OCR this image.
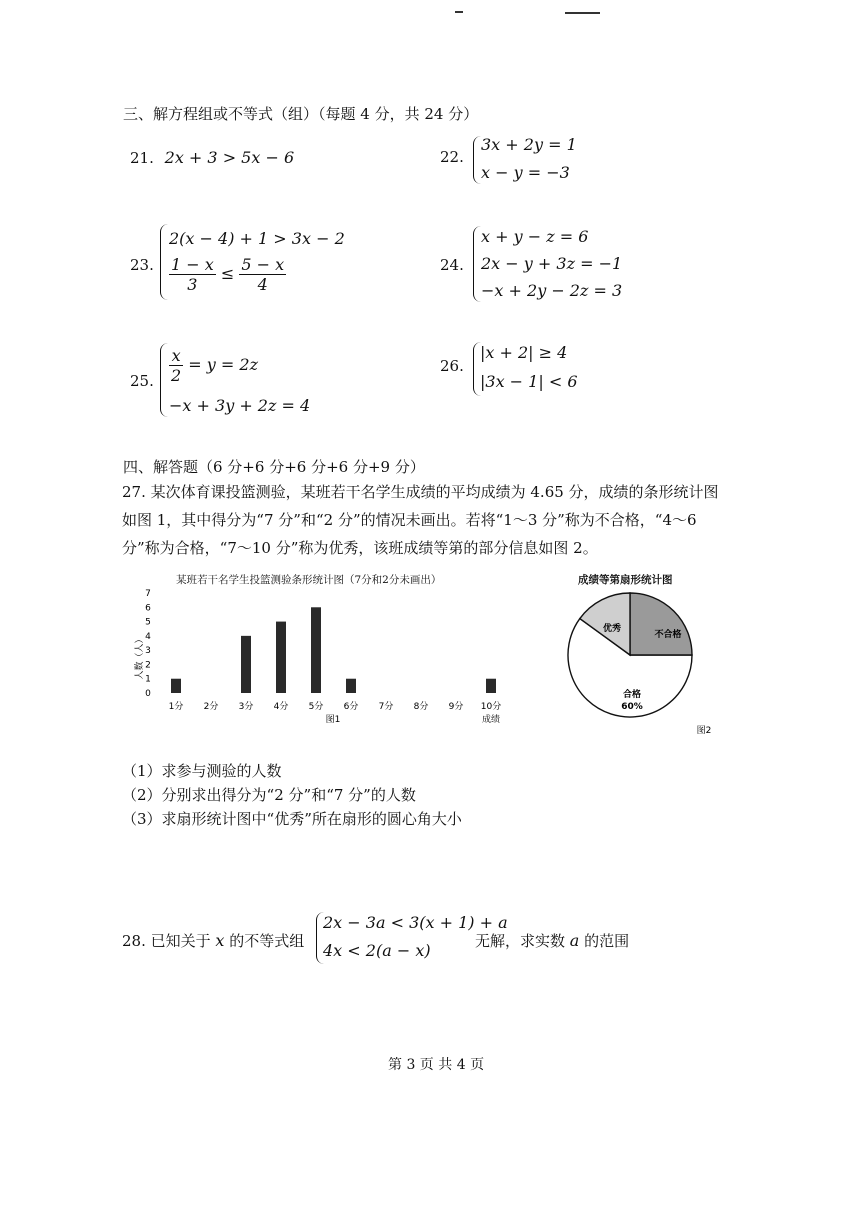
三、解方程组或不等式（组）（每题 4 分，共 24 分）
21. 2x + 3 > 5x − 6	22.
3x + 2y = 1
x − y = −3
23.
2(x − 4) + 1 > 3x − 2
$\frac{1 - x}{3} \le \frac{5 - x}{4}$	24.
x + y − z = 6
2x − y + 3z = −1
−x + 2y − 2z = 3
25. $\frac{x}{2} = y = 2z$
−x + 3y + 2z = 4
26.
|x + 2| ≥ 4
|3x − 1| < 6
四、解答题（6 分+6 分+6 分+6 分+9 分）
27. 某次体育课投篮测验，某班若干名学生成绩的平均成绩为 4.65 分，成绩的条形统计图
如图 1，其中得分为“7 分”和“2 分”的情况未画出。若将“1～3 分”称为不合格，“4～6
分”称为合格，“7～10 分”称为优秀，该班成绩等第的部分信息如图 2。
某班若干名学生投篮测验条形统计图（7分和2分未画出）
0
1
2
3
4
5
6
7
人数（人）
1分 2分 3分 4分 5分 6分 7分 8分 9分 10分
成绩
图1
成绩等第扇形统计图
不合格
优秀
合格
60%
图2
（1）求参与测验的人数
（2）分别求出得分为“2 分”和“7 分”的人数
（3）求扇形统计图中“优秀”所在扇形的圆心角大小
28. 已知关于 x 的不等式组
2x − 3a < 3(x + 1) + a
4x < 2(a − x)	无解，求实数 a 的范围
第 3 页 共 4 页
